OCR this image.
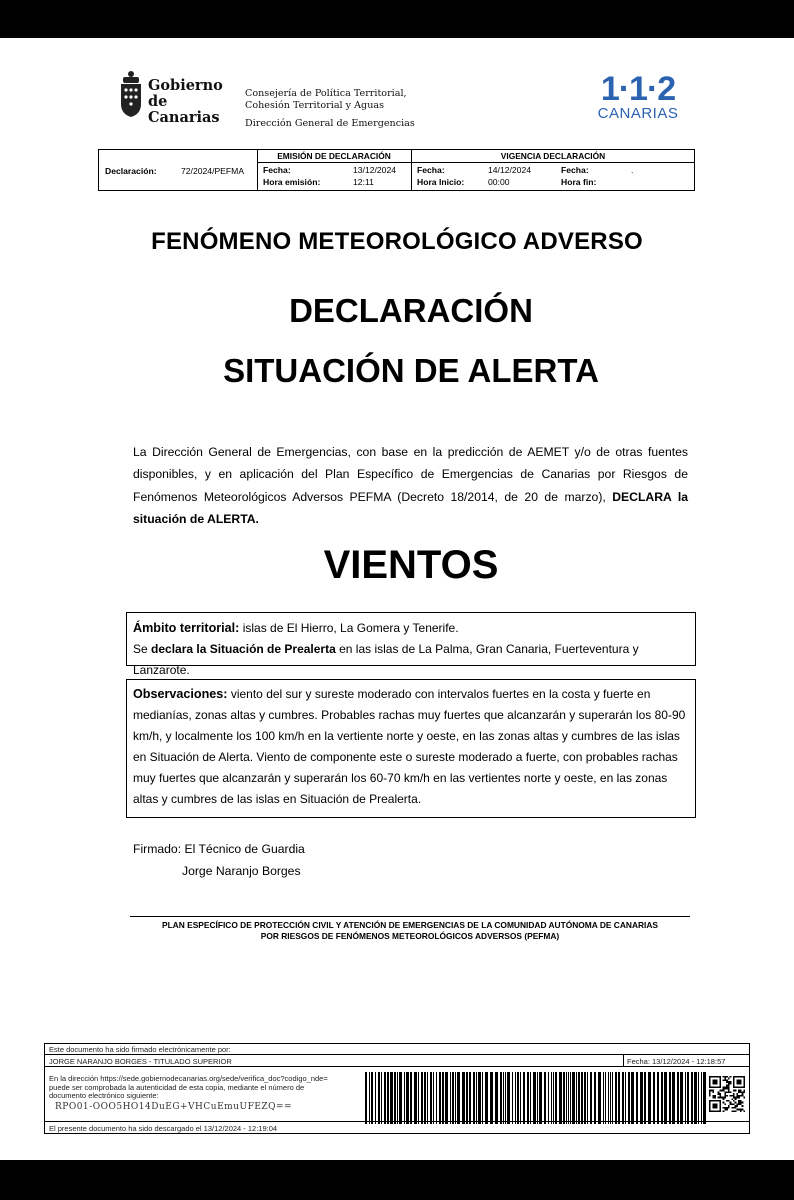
Gobierno
de Canarias
Consejería de Política Territorial,
Cohesión Territorial y Aguas
Dirección General de Emergencias
1·1·2
CANARIAS
Declaración:	72/2024/PEFMA
EMISIÓN DE DECLARACIÓN	VIGENCIA DECLARACIÓN
Fecha:	13/12/2024
Hora emisión:	12:11
Fecha:	14/12/2024
Hora Inicio:	00:00
Fecha:	.
Hora fin:
FENÓMENO METEOROLÓGICO ADVERSO
DECLARACIÓN
SITUACIÓN DE ALERTA
La Dirección General de Emergencias, con base en la predicción de AEMET y/o de otras fuentes disponibles, y en aplicación del Plan Específico de Emergencias de Canarias por Riesgos de Fenómenos Meteorológicos Adversos PEFMA (Decreto 18/2014, de 20 de marzo), DECLARA la situación de ALERTA.
VIENTOS
Ámbito territorial: islas de El Hierro, La Gomera y Tenerife.
Se declara la Situación de Prealerta en las islas de La Palma, Gran Canaria, Fuerteventura y Lanzarote.
Observaciones: viento del sur y sureste moderado con intervalos fuertes en la costa y fuerte en medianías, zonas altas y cumbres. Probables rachas muy fuertes que alcanzarán y superarán los 80-90 km/h, y localmente los 100 km/h en la vertiente norte y oeste, en las zonas altas y cumbres de las islas en Situación de Alerta. Viento de componente este o sureste moderado a fuerte, con probables rachas muy fuertes que alcanzarán y superarán los 60-70 km/h en las vertientes norte y oeste, en las zonas altas y cumbres de las islas en Situación de Prealerta.
Firmado: El Técnico de Guardia
Jorge Naranjo Borges
PLAN ESPECÍFICO DE PROTECCIÓN CIVIL Y ATENCIÓN DE EMERGENCIAS DE LA COMUNIDAD AUTÓNOMA DE CANARIAS
POR RIESGOS DE FENÓMENOS METEOROLÓGICOS ADVERSOS (PEFMA)
Este documento ha sido firmado electrónicamente por:
JORGE NARANJO BORGES - TITULADO SUPERIOR	Fecha: 13/12/2024 - 12:18:57
En la dirección https://sede.gobiernodecanarias.org/sede/verifica_doc?codigo_nde= puede ser comprobada la autenticidad de esta copia, mediante el número de documento electrónico siguiente:
RPO01-OOO5HO14DuEG+VHCuEmuUFEZQ==
El presente documento ha sido descargado el 13/12/2024 - 12:19:04
